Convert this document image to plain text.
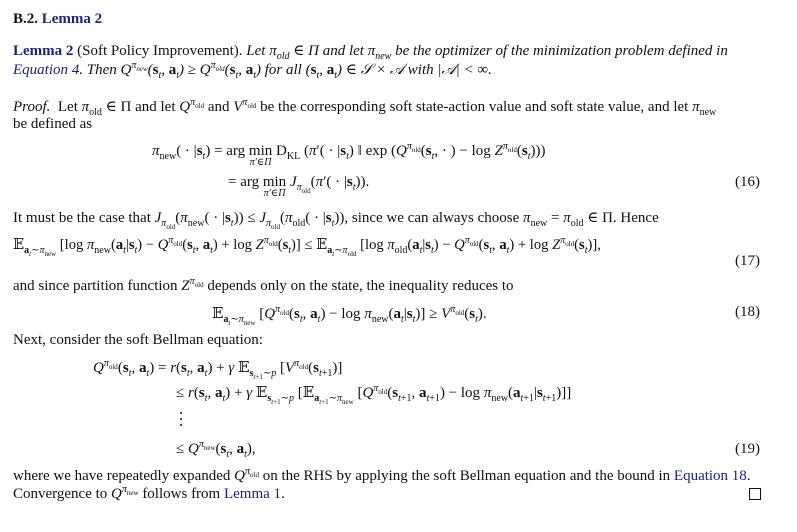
B.2. Lemma 2
Lemma 2 (Soft Policy Improvement). Let $\pi_{old}$ ∈ Π and let $\pi_{new}$ be the optimizer of the minimization problem defined in
Equation 4. Then $Q^{\pi_{new}}(s_t$, $a_t) \ge Q^{\pi_{old}}(s_t$, $a_t$) for all ($s_t$, $a_t$) ∈ 𝒮 × 𝒜 with |𝒜| < ∞.
Proof.  Let $\pi_{old}$ ∈ Π and let $Q^{\pi_{old}}$ and $V^{\pi_{old}}$ be the corresponding soft state-action value and soft state value, and let $\pi_{new}$
be defined as
$\pi_{new}( \cdot |s_t)$ = arg min
π′∈Π
$D_{KL}$ ($\pi'( \cdot |s_t)$ ‖ $\exp (Q^{\pi_{old}}(s_t$, · ) − $\log Z^{\pi_{old}}(s_t)$))
= arg min
π′∈Π
$J_{\pi_{old}}(\pi'( \cdot |s_t))$.	(16)
It must be the case that $J_{\pi_{old}}(\pi_{new}( \cdot |s_t)) \le J_{\pi_{old}}(\pi_{old}( \cdot |s_t))$, since we can always choose $\pi_{new} = \pi_{old}$ ∈ Π. Hence
𝔼$_{a_t\sim\pi_{new}}$ [log $\pi_{new}(a_t|s_t) - Q^{\pi_{old}}(s_t$, $a_t) + \log Z^{\pi_{old}}(s_t)$] ≤ 𝔼$_{a_t\sim\pi_{old}}$ [log $\pi_{old}(a_t|s_t) - Q^{\pi_{old}}(s_t$, $a_t) + \log Z^{\pi_{old}}(s_t)$],
(17)
and since partition function $Z^{\pi_{old}}$ depends only on the state, the inequality reduces to
𝔼$_{a_t\sim\pi_{new}}$ [$Q^{\pi_{old}}(s_t$, $a_t) - \log \pi_{new}(a_t|s_t)] \ge V^{\pi_{old}}(s_t)$.	(18)
Next, consider the soft Bellman equation:
$Q^{\pi_{old}}(s_t$, $a_t) = r(s_t$, $a_t) + \gamma$ 𝔼$_{s_{t+1}\sim p}$ $[V^{\pi_{old}}(s_{t+1})]$
≤ $r(s_t$, $a_t) + \gamma$ 𝔼$_{s_{t+1}\sim p}$ [𝔼$_{a_{t+1}\sim\pi_{new}}$ [$Q^{\pi_{old}}(s_{t+1}$, $a_{t+1}) - \log \pi_{new}(a_{t+1}|s_{t+1})$]]
≤ $Q^{\pi_{new}}(s_t$, $a_t$),	(19)
where we have repeatedly expanded $Q^{\pi_{old}}$ on the RHS by applying the soft Bellman equation and the bound in Equation 18.
Convergence to $Q^{\pi_{new}}$ follows from Lemma 1.
